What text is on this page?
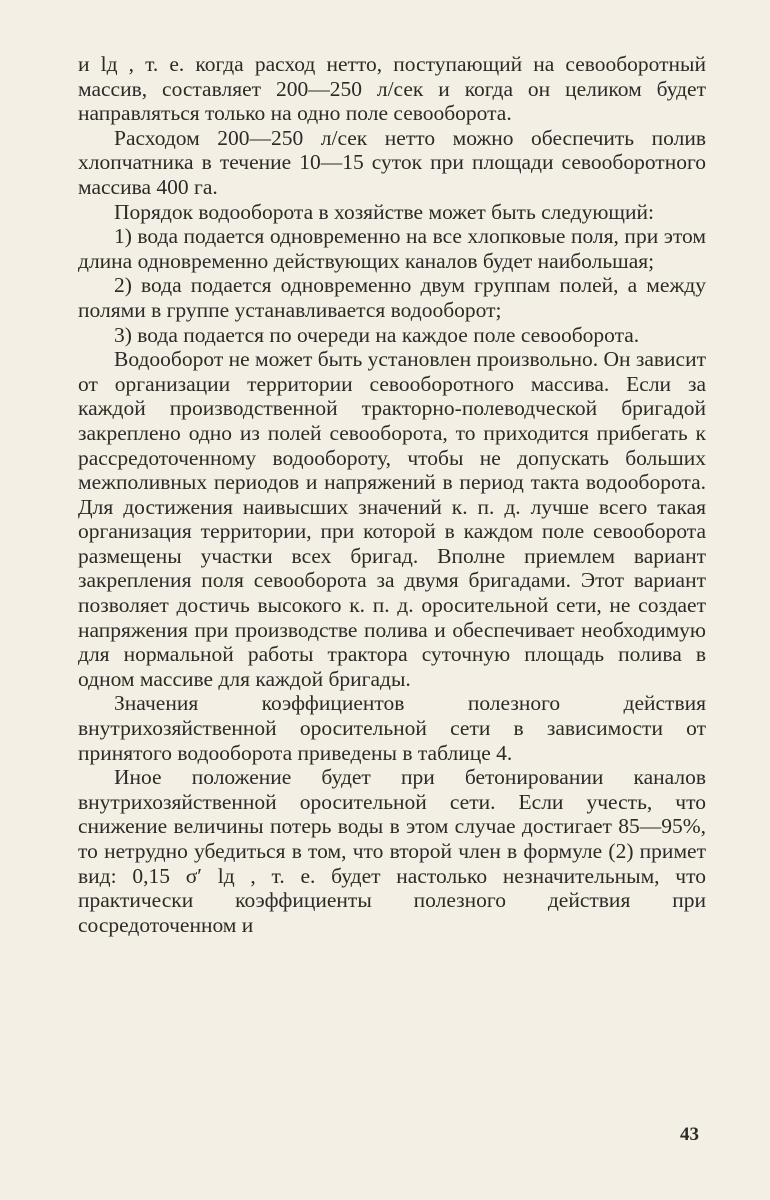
и lд , т. е. когда расход нетто, поступающий на севооборотный массив, составляет 200—250 л/сек и когда он целиком будет направляться только на одно поле севооборота.

Расходом 200—250 л/сек нетто можно обеспечить полив хлопчатника в течение 10—15 суток при площади севооборотного массива 400 га.

Порядок водооборота в хозяйстве может быть следующий:

1) вода подается одновременно на все хлопковые поля, при этом длина одновременно действующих каналов будет наибольшая;

2) вода подается одновременно двум группам полей, а между полями в группе устанавливается водооборот;

3) вода подается по очереди на каждое поле севооборота.

Водооборот не может быть установлен произвольно. Он зависит от организации территории севооборотного массива. Если за каждой производственной тракторно-полеводческой бригадой закреплено одно из полей севооборота, то приходится прибегать к рассредоточенному водообороту, чтобы не допускать больших межполивных периодов и напряжений в период такта водооборота. Для достижения наивысших значений к. п. д. лучше всего такая организация территории, при которой в каждом поле севооборота размещены участки всех бригад. Вполне приемлем вариант закрепления поля севооборота за двумя бригадами. Этот вариант позволяет достичь высокого к. п. д. оросительной сети, не создает напряжения при производстве полива и обеспечивает необходимую для нормальной работы трактора суточную площадь полива в одном массиве для каждой бригады.

Значения коэффициентов полезного действия внутрихозяйственной оросительной сети в зависимости от принятого водооборота приведены в таблице 4.

Иное положение будет при бетонировании каналов внутрихозяйственной оросительной сети. Если учесть, что снижение величины потерь воды в этом случае достигает 85—95%, то нетрудно убедиться в том, что второй член в формуле (2) примет вид: 0,15 σ′ lд , т. е. будет настолько незначительным, что практически коэффициенты полезного действия при сосредоточенном и

43
